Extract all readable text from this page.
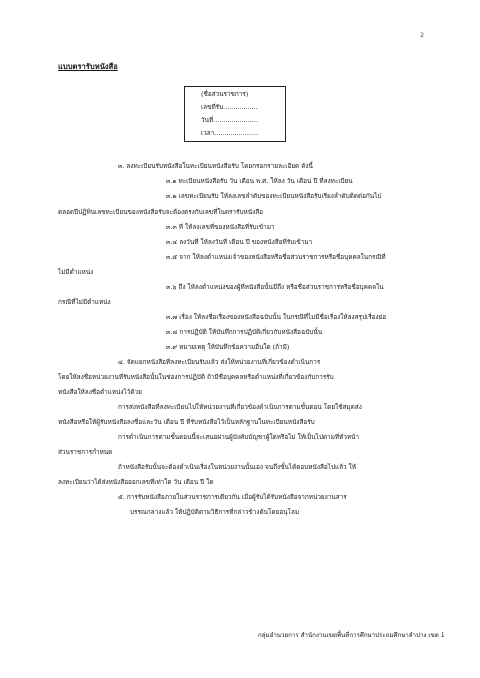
2
แบบตรารับหนังสือ
(ชื่อส่วนราชการ)
เลขที่รับ.................
วันที่......................
เวลา......................
๓. ลงทะเบียนรับหนังสือในทะเบียนหนังสือรับ โดยกรอกรายละเอียด ดังนี้
๓.๑ ทะเบียนหนังสือรับ วัน เดือน พ.ศ. ให้ลง วัน เดือน ปี ที่ลงทะเบียน
๓.๒ เลขทะเบียนรับ ให้ลงเลขลำดับของทะเบียนหนังสือรับเรียงลำดับติดต่อกันไป
ตลอดปีปฏิทินเลขทะเบียนของหนังสือรับจะต้องตรงกับเลขที่ในตรารับหนังสือ
๓.๓ ที่ ให้ลงเลขที่ของหนังสือที่รับเข้ามา
๓.๔ ลงวันที่ ให้ลงวันที่ เดือน ปี ของหนังสือที่รับเข้ามา
๓.๕ จาก ให้ลงตำแหน่งเจ้าของหนังสือหรือชื่อส่วนราชการหรือชื่อบุคคลในกรณีที่
ไม่มีตำแหน่ง
๓.๖ ถึง ให้ลงตำแหน่งของผู้ที่หนังสือนั้นมีถึง หรือชื่อส่วนราชการหรือชื่อบุคคลใน
กรณีที่ไม่มีตำแหน่ง
๓.๗ เรื่อง ให้ลงชื่อเรื่องของหนังสือฉบับนั้น ในกรณีที่ไม่มีชื่อเรื่องให้ลงสรุปเรื่องย่อ
๓.๘ การปฏิบัติ ให้บันทึกการปฏิบัติเกี่ยวกับหนังสือฉบับนั้น
๓.๙ หมายเหตุ ให้บันทึกข้อความอื่นใด (ถ้ามี)
๔. จัดแยกหนังสือที่ลงทะเบียนรับแล้ว ส่งให้หน่วยงานที่เกี่ยวข้องดำเนินการ
โดยให้ลงชื่อหน่วยงานที่รับหนังสือนั้นในช่องการปฏิบัติ ถ้ามีชื่อบุคคลหรือตำแหน่งที่เกี่ยวข้องกับการรับ
หนังสือให้ลงชื่อตำแหน่งไว้ด้วย
การส่งหนังสือที่ลงทะเบียนไปให้หน่วยงานที่เกี่ยวข้องดำเนินการตามขั้นตอน โดยใช้สมุดส่ง
หนังสือหรือให้ผู้รับหนังสือลงชื่อและวัน เดือน ปี ที่รับหนังสือไว้เป็นหลักฐานในทะเบียนหนังสือรับ
การดำเนินการตามขั้นตอนนี้จะเสนอผ่านผู้บังคับบัญชาผู้ใดหรือไม่ ให้เป็นไปตามที่หัวหน้า
ส่วนราชการกำหนด
ถ้าหนังสือรับนั้นจะต้องดำเนินเรื่องในหน่วยงานนั้นเอง จนถึงขั้นได้ตอบหนังสือไปแล้ว ให้
ลงทะเบียนว่าได้ส่งหนังสือออกเลขที่เท่าใด วัน เดือน ปี ใด
๕. การรับหนังสือภายในส่วนราชการเดียวกัน เมื่อผู้รับได้รับหนังสือจากหน่วยงานสาร
บรรณกลางแล้ว ให้ปฏิบัติตามวิธีการที่กล่าวข้างต้นโดยอนุโลม
กลุ่มอำนวยการ สำนักงานเขตพื้นที่การศึกษาประถมศึกษาลำปาง เขต 1
